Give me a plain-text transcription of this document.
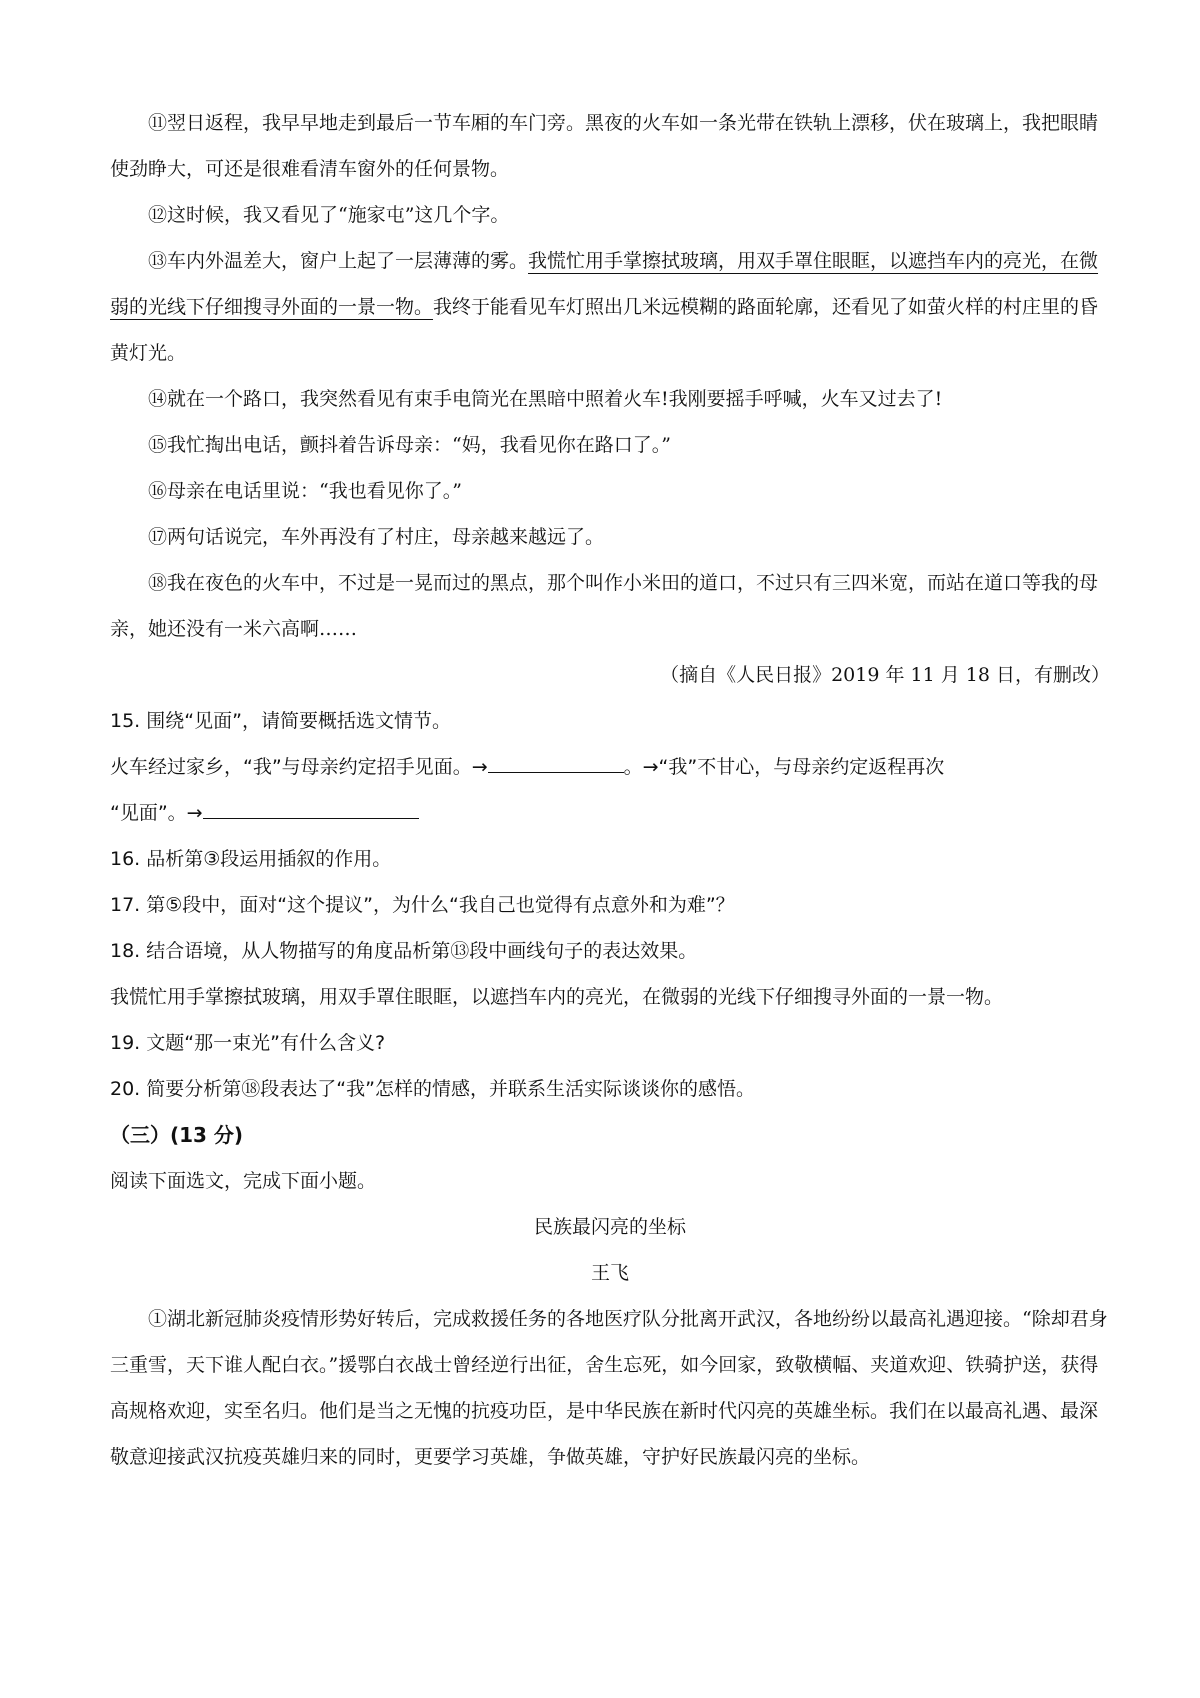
⑪翌日返程，我早早地走到最后一节车厢的车门旁。黑夜的火车如一条光带在铁轨上漂移，伏在玻璃上，我把眼睛使劲睁大，可还是很难看清车窗外的任何景物。

⑫这时候，我又看见了“施家屯”这几个字。

⑬车内外温差大，窗户上起了一层薄薄的雾。我慌忙用手掌擦拭玻璃，用双手罩住眼眶，以遮挡车内的亮光，在微弱的光线下仔细搜寻外面的一景一物。我终于能看见车灯照出几米远模糊的路面轮廓，还看见了如萤火样的村庄里的昏黄灯光。

⑭就在一个路口，我突然看见有束手电筒光在黑暗中照着火车!我刚要摇手呼喊，火车又过去了!

⑮我忙掏出电话，颤抖着告诉母亲：“妈，我看见你在路口了。”

⑯母亲在电话里说：“我也看见你了。”

⑰两句话说完，车外再没有了村庄，母亲越来越远了。

⑱我在夜色的火车中，不过是一晃而过的黑点，那个叫作小米田的道口，不过只有三四米宽，而站在道口等我的母亲，她还没有一米六高啊……

（摘自《人民日报》2019 年 11 月 18 日，有删改）

15. 围绕“见面”，请简要概括选文情节。

火车经过家乡，“我”与母亲约定招手见面。→	。→“我”不甘心，与母亲约定返程再次

“见面”。→

16. 品析第③段运用插叙的作用。

17. 第⑤段中，面对“这个提议”，为什么“我自己也觉得有点意外和为难”？

18. 结合语境，从人物描写的角度品析第⑬段中画线句子的表达效果。

我慌忙用手掌擦拭玻璃，用双手罩住眼眶，以遮挡车内的亮光，在微弱的光线下仔细搜寻外面的一景一物。

19. 文题“那一束光”有什么含义?

20. 简要分析第⑱段表达了“我”怎样的情感，并联系生活实际谈谈你的感悟。

（三）(13 分)

阅读下面选文，完成下面小题。

民族最闪亮的坐标

王飞

①湖北新冠肺炎疫情形势好转后，完成救援任务的各地医疗队分批离开武汉，各地纷纷以最高礼遇迎接。“除却君身三重雪，天下谁人配白衣。”援鄂白衣战士曾经逆行出征，舍生忘死，如今回家，致敬横幅、夹道欢迎、铁骑护送，获得高规格欢迎，实至名归。他们是当之无愧的抗疫功臣，是中华民族在新时代闪亮的英雄坐标。我们在以最高礼遇、最深敬意迎接武汉抗疫英雄归来的同时，更要学习英雄，争做英雄，守护好民族最闪亮的坐标。
